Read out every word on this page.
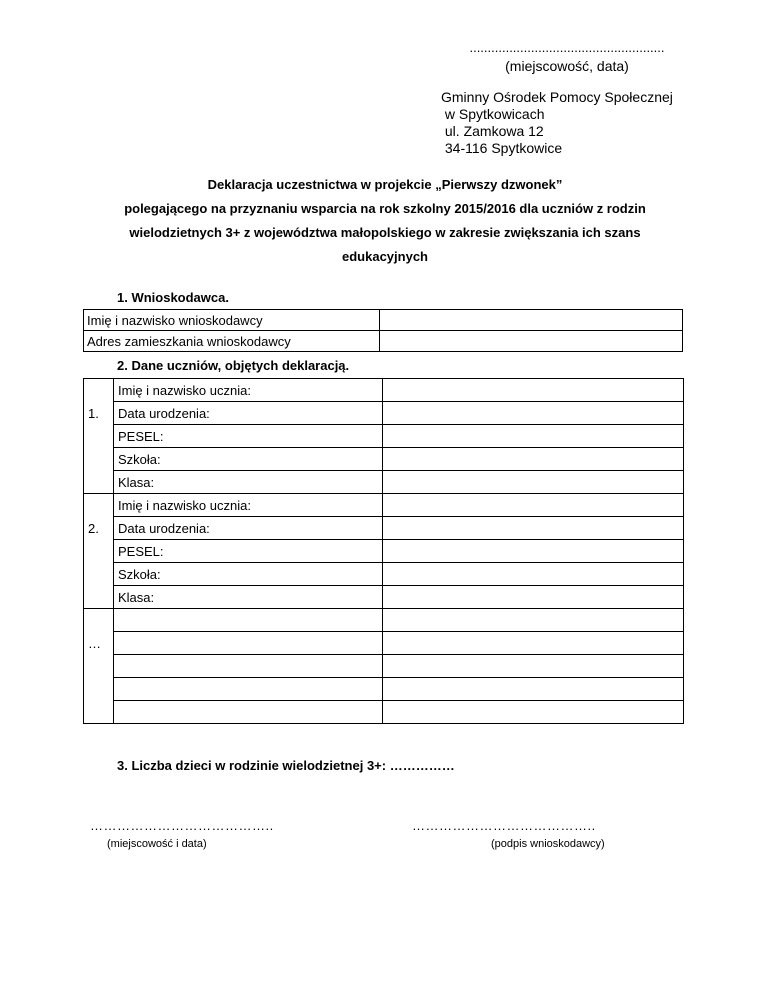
......................................................
(miejscowość, data)
Gminny Ośrodek Pomocy Społecznej
w Spytkowicach
ul. Zamkowa 12
34-116 Spytkowice
Deklaracja uczestnictwa w projekcie „Pierwszy dzwonek”
polegającego na przyznaniu wsparcia na rok szkolny 2015/2016 dla uczniów z rodzin
wielodzietnych 3+ z województwa małopolskiego w zakresie zwiększania ich szans
edukacyjnych
1. Wnioskodawca.
Imię i nazwisko wnioskodawcy	
Adres zamieszkania wnioskodawcy	
2. Dane uczniów, objętych deklaracją.
	Imię i nazwisko ucznia:	
1.	Data urodzenia:	
	PESEL:	
	Szkoła:	
	Klasa:	
	Imię i nazwisko ucznia:	
2.	Data urodzenia:	
	PESEL:	
	Szkoła:	
	Klasa:	

…		

3. Liczba dzieci w rodzinie wielodzietnej 3+: ……………
…………………………………..	…………………………………..
(miejscowość i data)	(podpis wnioskodawcy)
